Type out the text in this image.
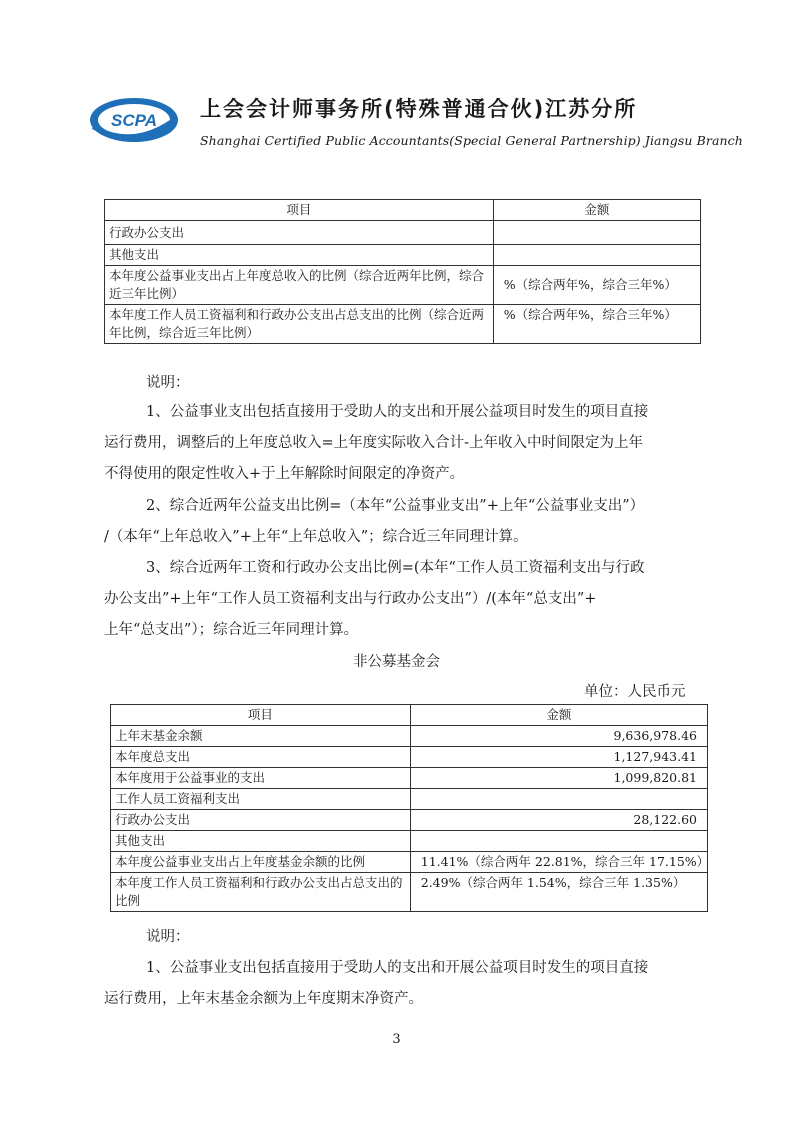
SCPA 上会会计师事务所(特殊普通合伙)江苏分所
Shanghai Certified Public Accountants(Special General Partnership) Jiangsu Branch
项目	金额
行政办公支出	
其他支出	
本年度公益事业支出占上年度总收入的比例（综合近两年比例，综合近三年比例）	%（综合两年%，综合三年%）
本年度工作人员工资福利和行政办公支出占总支出的比例（综合近两年比例，综合近三年比例）	%（综合两年%，综合三年%）
说明：
1、公益事业支出包括直接用于受助人的支出和开展公益项目时发生的项目直接
运行费用，调整后的上年度总收入=上年度实际收入合计-上年收入中时间限定为上年
不得使用的限定性收入+于上年解除时间限定的净资产。
2、综合近两年公益支出比例=（本年“公益事业支出”+上年“公益事业支出”）
/（本年“上年总收入”+上年“上年总收入”；综合近三年同理计算。
3、综合近两年工资和行政办公支出比例=(本年“工作人员工资福利支出与行政
办公支出”+上年“工作人员工资福利支出与行政办公支出”）/(本年“总支出”+
上年“总支出”）；综合近三年同理计算。
非公募基金会
单位：人民币元
项目	金额
上年末基金余额	9,636,978.46
本年度总支出	1,127,943.41
本年度用于公益事业的支出	1,099,820.81
工作人员工资福利支出	
行政办公支出	28,122.60
其他支出	
本年度公益事业支出占上年度基金余额的比例	11.41%（综合两年 22.81%，综合三年 17.15%）
本年度工作人员工资福利和行政办公支出占总支出的比例	2.49%（综合两年 1.54%，综合三年 1.35%）
说明：
1、公益事业支出包括直接用于受助人的支出和开展公益项目时发生的项目直接
运行费用，上年末基金余额为上年度期末净资产。
3
